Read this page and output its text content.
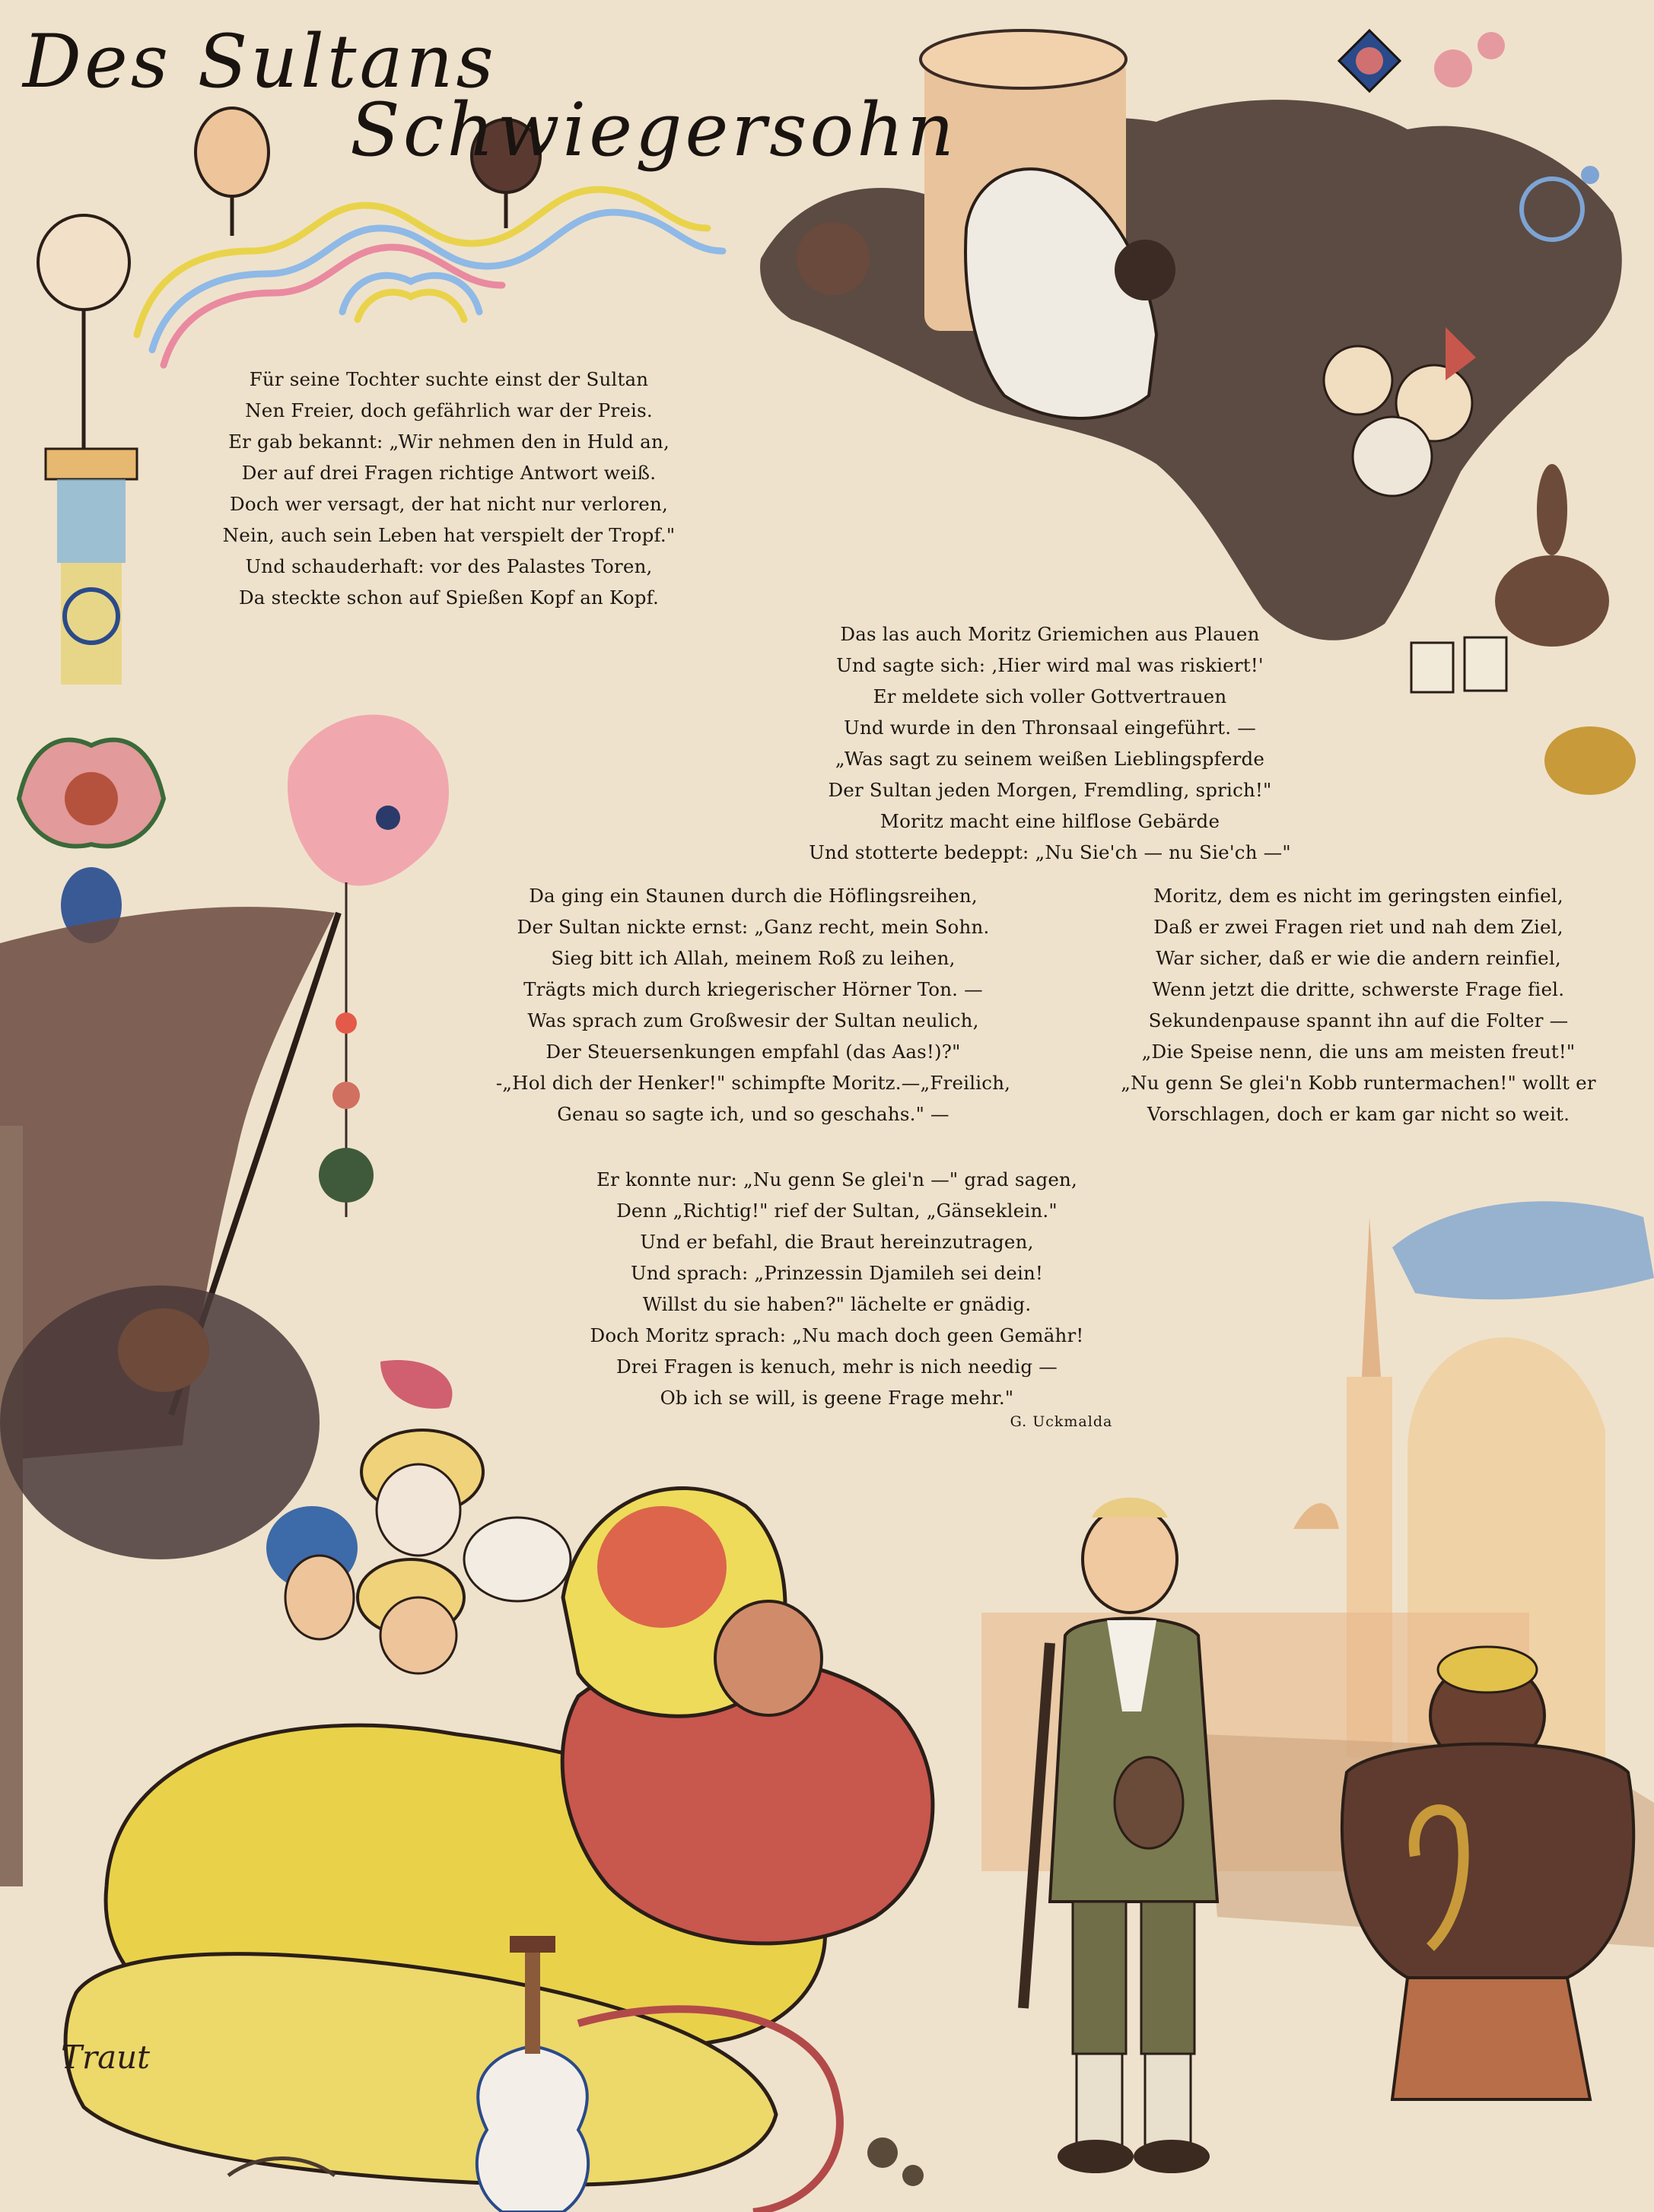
Des Sultans
Schwiegersohn
Für seine Tochter suchte einst der Sultan
Nen Freier, doch gefährlich war der Preis.
Er gab bekannt: „Wir nehmen den in Huld an,
Der auf drei Fragen richtige Antwort weiß.
Doch wer versagt, der hat nicht nur verloren,
Nein, auch sein Leben hat verspielt der Tropf."
Und schauderhaft: vor des Palastes Toren,
Da steckte schon auf Spießen Kopf an Kopf.
Das las auch Moritz Griemichen aus Plauen
Und sagte sich: ‚Hier wird mal was riskiert!'
Er meldete sich voller Gottvertrauen
Und wurde in den Thronsaal eingeführt. —
„Was sagt zu seinem weißen Lieblingspferde
Der Sultan jeden Morgen, Fremdling, sprich!"
Moritz macht eine hilflose Gebärde
Und stotterte bedeppt: „Nu Sie'ch — nu Sie'ch —"
Da ging ein Staunen durch die Höflingsreihen,
Der Sultan nickte ernst: „Ganz recht, mein Sohn.
Sieg bitt ich Allah, meinem Roß zu leihen,
Trägts mich durch kriegerischer Hörner Ton. —
Was sprach zum Großwesir der Sultan neulich,
Der Steuersenkungen empfahl (das Aas!)?"
-„Hol dich der Henker!" schimpfte Moritz.—„Freilich,
Genau so sagte ich, und so geschahs." —
Moritz, dem es nicht im geringsten einfiel,
Daß er zwei Fragen riet und nah dem Ziel,
War sicher, daß er wie die andern reinfiel,
Wenn jetzt die dritte, schwerste Frage fiel.
Sekundenpause spannt ihn auf die Folter —
„Die Speise nenn, die uns am meisten freut!"
„Nu genn Se glei'n Kobb runtermachen!" wollt er
Vorschlagen, doch er kam gar nicht so weit.
Er konnte nur: „Nu genn Se glei'n —" grad sagen,
Denn „Richtig!" rief der Sultan, „Gänseklein."
Und er befahl, die Braut hereinzutragen,
Und sprach: „Prinzessin Djamileh sei dein!
Willst du sie haben?" lächelte er gnädig.
Doch Moritz sprach: „Nu mach doch geen Gemähr!
Drei Fragen is kenuch, mehr is nich needig —
Ob ich se will, is geene Frage mehr."
G. Uckmalda
Traut
